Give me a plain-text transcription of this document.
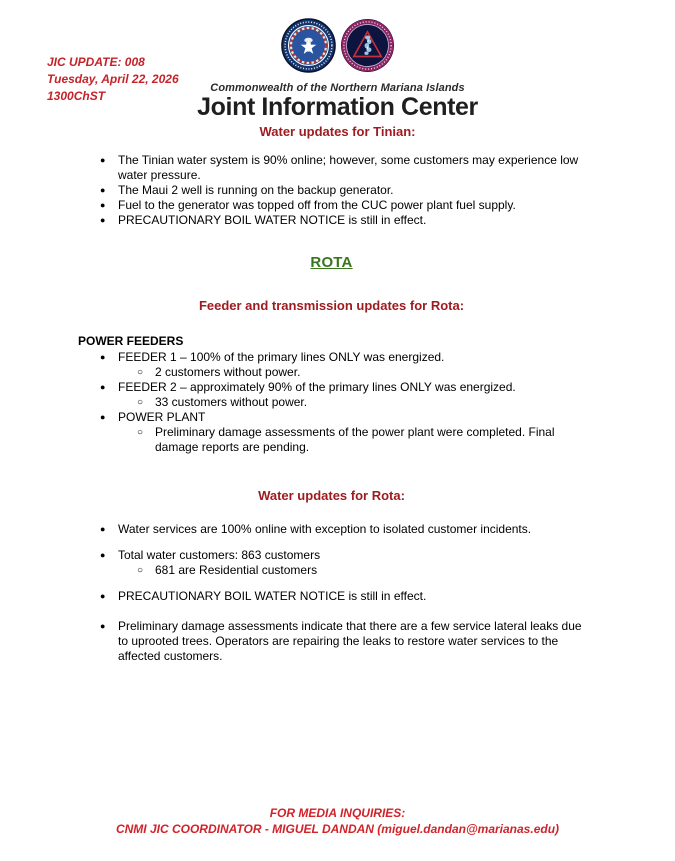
JIC UPDATE: 008
Tuesday, April 22, 2026
1300ChST
Commonwealth of the Northern Mariana Islands
Joint Information Center
Water updates for Tinian:
●	The Tinian water system is 90% online; however, some customers may experience low water pressure.
●	The Maui 2 well is running on the backup generator.
●	Fuel to the generator was topped off from the CUC power plant fuel supply.
●	PRECAUTIONARY BOIL WATER NOTICE is still in effect.
ROTA
Feeder and transmission updates for Rota:
POWER FEEDERS
●	FEEDER 1 – 100% of the primary lines ONLY was energized.
○ 2 customers without power.
●	FEEDER 2 – approximately 90% of the primary lines ONLY was energized.
○ 33 customers without power.
●	POWER PLANT
○ Preliminary damage assessments of the power plant were completed. Final damage reports are pending.
Water updates for Rota:
●	Water services are 100% online with exception to isolated customer incidents.
●	Total water customers: 863 customers
○ 681 are Residential customers
●	PRECAUTIONARY BOIL WATER NOTICE is still in effect.
●	Preliminary damage assessments indicate that there are a few service lateral leaks due to uprooted trees. Operators are repairing the leaks to restore water services to the affected customers.
FOR MEDIA INQUIRIES:
CNMI JIC COORDINATOR - MIGUEL DANDAN (miguel.dandan@marianas.edu)
